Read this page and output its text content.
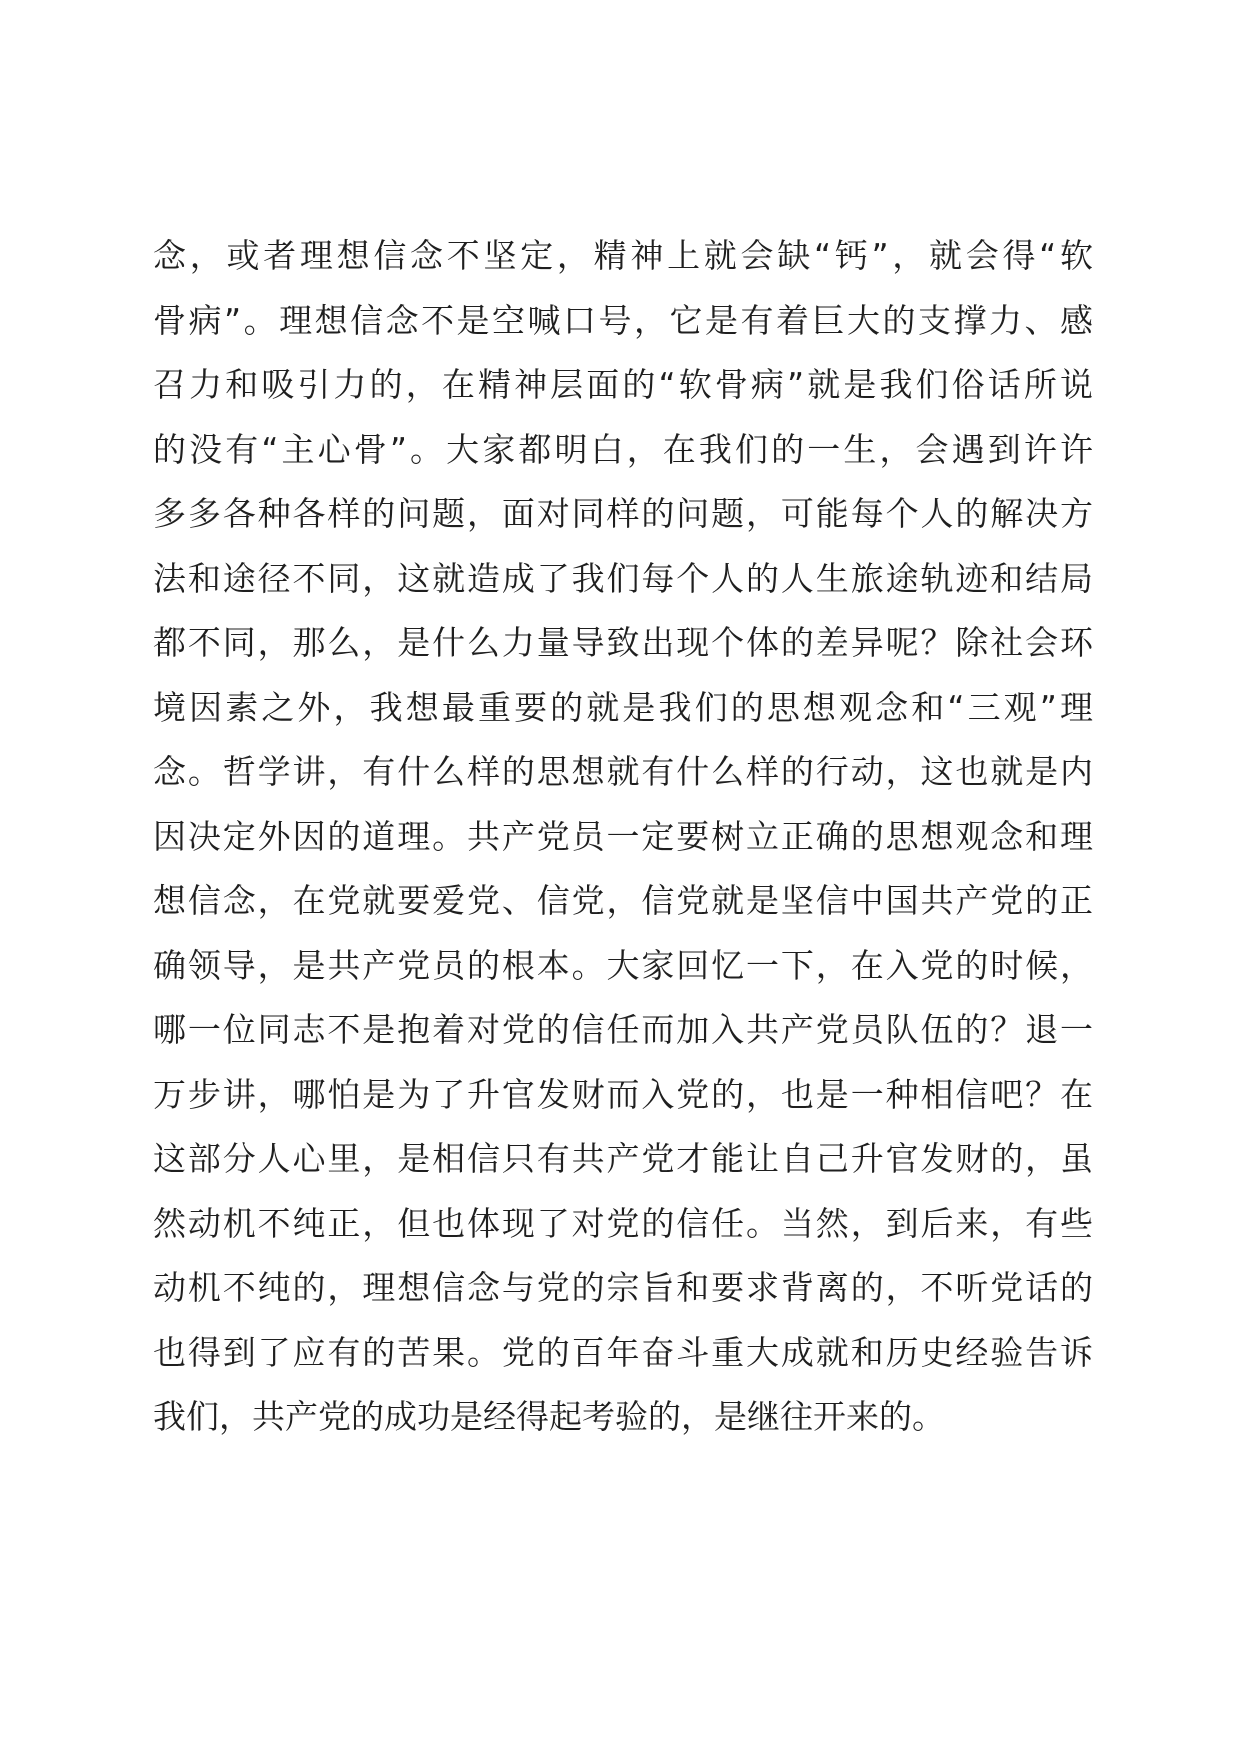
念，或者理想信念不坚定，精神上就会缺“钙”，就会得“软
骨病”。理想信念不是空喊口号，它是有着巨大的支撑力、感
召力和吸引力的，在精神层面的“软骨病”就是我们俗话所说
的没有“主心骨”。大家都明白，在我们的一生，会遇到许许
多多各种各样的问题，面对同样的问题，可能每个人的解决方
法和途径不同，这就造成了我们每个人的人生旅途轨迹和结局
都不同，那么，是什么力量导致出现个体的差异呢？除社会环
境因素之外，我想最重要的就是我们的思想观念和“三观”理
念。哲学讲，有什么样的思想就有什么样的行动，这也就是内
因决定外因的道理。共产党员一定要树立正确的思想观念和理
想信念，在党就要爱党、信党，信党就是坚信中国共产党的正
确领导，是共产党员的根本。大家回忆一下，在入党的时候，
哪一位同志不是抱着对党的信任而加入共产党员队伍的？退一
万步讲，哪怕是为了升官发财而入党的，也是一种相信吧？在
这部分人心里，是相信只有共产党才能让自己升官发财的，虽
然动机不纯正，但也体现了对党的信任。当然，到后来，有些
动机不纯的，理想信念与党的宗旨和要求背离的，不听党话的
也得到了应有的苦果。党的百年奋斗重大成就和历史经验告诉
我们，共产党的成功是经得起考验的，是继往开来的。
